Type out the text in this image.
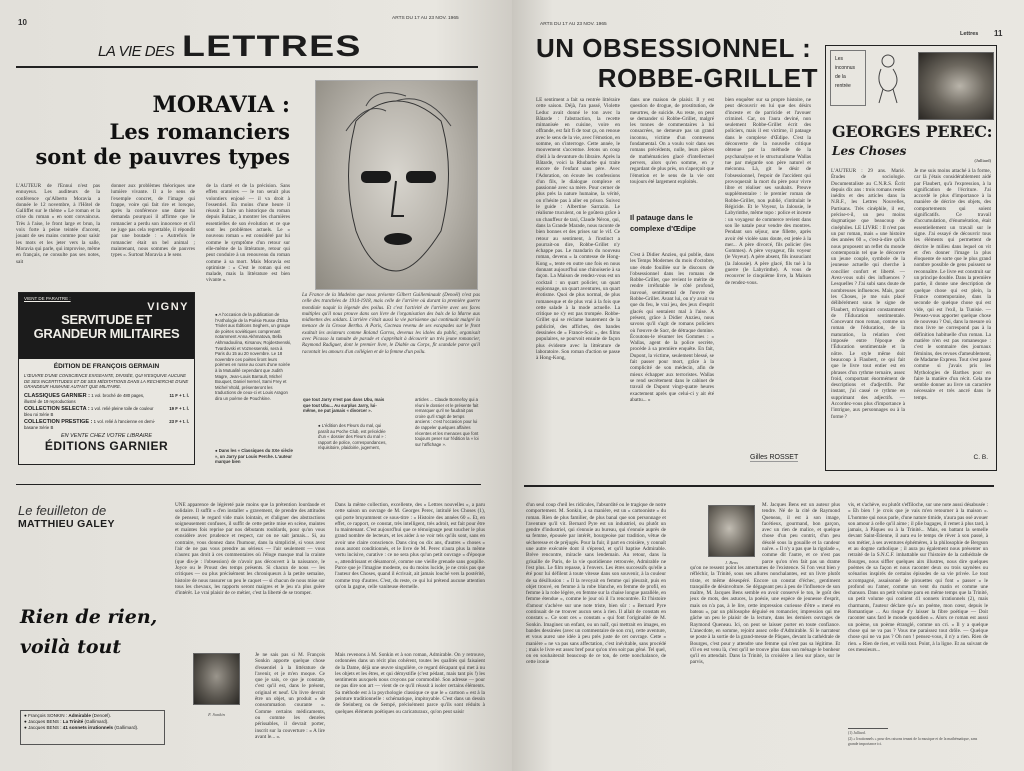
10	ARTS DU 17 AU 23 NOV. 1965
LA VIE DES LETTRES
MORAVIA :
Les romanciers
sont de pauvres types
L'AUTEUR de l'Ennui n'est pas ennuyeux. Les auditeurs de la conférence qu'Alberto Moravia a donnée le 12 novembre, à l'Hôtel de Galliffet sur le thème « Le roman et la crise du roman » en sont convaincus. Très à l'aise, le front large et brun, la voix forte à peine teintée d'accent, jouant de ses mains comme pour saisir les mots et les jeter vers la salle, Moravia qui parle, qui improvise, même en français, ne consulte pas ses notes, sait
donner aux problèmes théoriques une lumière vivante. Il a le sens de l'exemple concret, de l'image qui frappe, voire qui fait rire et lorsque, après la conférence une dame lui demanda pourquoi il affirme que le romancier a perdu son innocence et s'il ne juge pas cela regrettable, il répondit par une boutade : « Autrefois le romancier était un bel animal ; maintenant, nous sommes de pauvres types ». Surtout Moravia a le sens
de la clarté et de la précision. Sans effets oratoires — le ton serait plus volontiers enjoué — il va droit à l'essentiel. En moins d'une heure il réussit à faire un historique du roman depuis Balzac, à montrer les charnières essentielles de son évolution et ce que sont les problèmes actuels. Le « nouveau roman » est considéré par lui comme le symptôme d'un retour sur elle-même de la littérature, retour qui peut conduire à un renouveau du roman comme à sa mort. Mais Moravia est optimiste : « C'est le roman qui est malade, mais la littérature est bien vivante ».
La France de la Madelon que nous présente Gilbert Guilleminault (Denoël) n'est pas celle des tranchées de 1914-1918, mais celle de l'arrière où durant la première guerre mondiale naquit la légende des poilus. Et c'est l'activité de l'arrière avec ses faces multiples qu'il nous prouve dans son livre de l'organisation des bals de la Marne aux midinettes des soldats. L'arrière c'était aussi la vie parisienne qui continuait malgré la menace de la Grosse Bertha. A Paris, Cocteau revenu de ses escapades sur le front exaltait les aviateurs comme Roland Garros, devenus les idoles du public, organisait avec Picasso la tumulte de parade et s'apprêtait à découvrir un très jeune romancier, Raymond Radiguet, dont le premier livre, le Diable au Corps, fit scandale parce qu'il racontait les amours d'un collégien et de la femme d'un poilu.
VIENT DE PARAITRE :
VIGNY
SERVITUDE ET GRANDEUR MILITAIRES
ÉDITION DE FRANÇOIS GERMAIN
L'ŒUVRE D'UNE CONSCIENCE EXIGEANTE, DIVISÉE, QUI N'ESQUIVE AUCUNE DE SES INCERTITUDES ET DE SES MÉDITATIONS DANS LA RECHERCHE D'UNE GRANDEUR HUMAINE AUTANT QUE MILITAIRE.
CLASSIQUES GARNIER : 1 vol. broché de 480 pages, illustré de 19 reproductions
11 F + t. l.
COLLECTION SELECTA : 1 vol. relié pleine toile de couleur bleu roi Série B
19 F + t. l.
COLLECTION PRESTIGE : 1 vol. relié à l'ancienne en demi-basane Série B
23 F + t. l.
EN VENTE CHEZ VOTRE LIBRAIRE
ÉDITIONS GARNIER
● A l'occasion de la publication de l'Anthologie de la Poésie Russe d'Elsa Triolet aux Éditions Seghers, un groupe de poètes soviétiques comprenant notamment Anna Akhmatova, Bella Akhmadoulina, Kirsanov, Rojdestvenski, Tvardovski et Voznessenski, sera à Paris du 15 au 20 novembre. Le 18 novembre ces poètes liront leurs poèmes en russe au cours d'une soirée à la Mutualité cependant que Judith Magre, Jean-Louis Barrault, Michel Bouquet, Daniel Ivernel, Sami Frey et Michel Vitold, présenteront les traductions de ceux-ci et Louis Aragon dira un poème de Pouchkine.
● Dans les « Classiques du XXe siècle », un Jarry par Louis Perche. L'auteur marque bien
que tout Jarry n'est pas dans Ubu, mais que tout Ubu... Au surplus Jarry, lui-même, ne put jamais « divorcer ».
● L'édition des Fleurs du mal, qui paraît au Poche Club, est précédée d'un « dossier des Fleurs du mal » : rapport de police, correspondances, réquisitoire, plaidoirie, jugement,
articles ... Claude Bonnefoy qui a réuni le dossier et le présente fait remarquer qu'il ne faudrait pas croire qu'il s'agit de temps anciens : c'est l'occasion pour lui de rappeler quelques affaires récentes et les menaces que font toujours peser sur l'édition la « loi sur l'affichage ».
Le feuilleton de
MATTHIEU GALEY
Rien de rien,
voilà tout
● François SONKIN : Admirable (Denoël).
● Jacques BENS : La Trinité (Gallimard).
● Jacques BENS : 41 sonnets irrationnels (Gallimard).
UNE apparence de légèreté paie moins que la prétention lourdaude et solidaire. Il suffit « d'en installer » gravement, de prendre des attitudes de penseur, le regard vide mais lointain, et d'aligner des abstractions soigneusement confuses, il suffit de cette petite mise en scène, maintes et maintes fois reprise par nos débutants roublards, pour qu'on vous considère avec prudence et respect, car on ne sait jamais... Si, au contraire, vous donnez dans l'humour, dans la simplicité, si vous avez l'air de ne pas vous prendre au sérieux — l'air seulement — vous n'aurez pas droit à ces commentaires où l'éloge masque mal la crainte (que dis-je : l'obsession) de n'avoir pas découvert à la naissance, le Joyce ou le Proust des temps présents. Si chacun de nous — les critiques — ou plus précisément les chroniqueurs à la petite semaine, histoire de nous rassurer un peu le caquet — si chacun de nous mise sur tous les chevaux, les rapports seront maigres et le jeu n'a plus guère d'intérêt. Le vrai plaisir de ce métier, c'est la liberté de se tromper.
F. Sonkin
Je ne sais pas si M. François Sonkin apporte quelque chose d'essentiel à la littérature de l'avenir, et je m'en moque. Ce que je sais, ce que je constate, c'est qu'il est, dans le présent, original et neuf. Un livre devrait être un objet, un produit « de consommation courante ». Comme certains médicaments, ou comme les denrées périssables, il devrait porter, inscrit sur la couverture : « A lire avant le... ».
Dans la même collection, excellente, des « Lettres nouvelles », a paru cette saison un ouvrage de M. Georges Perec, intitulé les Choses (1), qui porte bruyamment ce sous-titre : « Histoire des années 60 ». Et, en effet, ce rapport, ce constat, très intelligent, très adroit, est fait pour être lu maintenant. C'est aujourd'hui que ce témoignage peut toucher le plus grand nombre de lecteurs, et les aider à se voir tels qu'ils sont, sans en avoir une claire conscience. Dans cinq ou dix ans, d'autres « choses » nous auront conditionnés, et le livre de M. Perec n'aura plus la même vertu incisive, curative : ce ne sera plus qu'un petit ouvrage « d'époque », attendrissant et désamorcé, comme une vieille grenade sans goupille. Parce que je l'imagine modeste, ou du moins lucide, je ne crois pas que l'auteur des Choses, quand il écrivait, ait jamais louché vers la postérité, comme trop d'autres. C'est, du reste, ce qui lui prétend aucune attention qu'on la gagne, celle vaniteuse éternelle.
Mais revenons à M. Sonkin et à son roman, Admirable. On y retrouve, ordonnées dans un récit plus cohérent, toutes les qualités qui faisaient de la Dame, déjà une œuvre singulière, ce regard décapant qui met à nu les objets et les êtres, et qui démystifie (c'est pédant, mais tant pis !) les sentiments auxquels nous croyons par commodité. Son adresse — pour ne pas dire son art — vient de ce qu'il réussit à isoler certains éléments. Sa méthode est à la psychologie classique ce que le « cartoon » est à la peinture traditionnelle : schématique, impitoyable. C'est dans un dessin de Steinberg ou de Sempé, précisément parce qu'ils sont réduits à quelques éléments poétiques ou caricaturaux, qu'on peut saisir
ARTS DU 17 AU 23 NOV. 1965
Lettres 11
UN OBSESSIONNEL :
ROBBE-GRILLET
LE sentiment a fait sa rentrée littéraire cette saison. Déjà, l'an passé, Violette Leduc avait donné le ton avec la Bâtarde : l'abstraction, la recette mimanisée en cuisine, voire en offrande, est fait fi de tout ça, on renoue avec le sens de la vie, avec l'émotion, en somme, on s'interroge. Cette année, le mouvement s'accentue. Jetons un coup d'œil à la devanture du libraire. Après la Bâtarde, voici la Rhubarbe qui traite encore de l'enfant sans père. Avec l'Adoration, on écoute les confessions d'un fils, le dialogue complexe et passionné avec sa mère. Pour cerner de plus près la nature humaine, la vérité, on n'hésite pas à aller en prison. Suivez le guide : Albertine Sarrazin. Le réalisme truculent, on le goûtera grâce à un chauffeur de taxi, Claude Néron, qui, dans la Grande Marade, nous raconte de bien bonnes et des prises sur le vif. Ce retour au sentiment, à l'instinct a pourrait-on dire, Robbe-Grillet n'y échappe pas. Le mandarin du nouveau roman, devenu « la comtesse de Hong-Kong », tente en outre une fois en nous donnant aujourd'hui une chinoiserie à sa façon. La Maison de rendez-vous est un cocktail : un quart policier, un quart espionnage, un quart aventures, un quart érotisme. Quoi de plus normal, de plus romanesque et de plus vrai à la fois que cette salade à la mode actuelle. La critique ne s'y est pas trompée. Robbe-Grillet qui se réclame hautement de la publicité, des affiches, des bandes dessinées de « France-Soir », des films populaires, se pourvoit ensuite de façon plus évidente avec la littérature de laboratoire. Son roman d'action se passe à Hong-Kong,
dans une maison de plaisir. Il y est question de drogue, de prostitution, de meurtres, de suicide. Au reste, on peut se demander si Robbe-Grillet, malgré les tonnes de commentaires à lui consacrées, ne demeure pas un grand inconnu, victime d'un contresens fondamental. On a voulu voir dans ses romans précédents, nulle, leurs pièces de mathématicien glacé d'intellectuel pervers, alors qu'en somme, en y regardant de plus près, on s'aperçoit que l'émotion et le sens de la vie ont toujours été largement exploités.
Il patauge dans le complexe d'Œdipe
C'est à Didier Anzieu, qui publie, dans les Temps Modernes du mois d'octobre, une étude fouillée sur le discours de l'obsessionnel dans les romans de Robbe-Grillet, que revient le mérite de rendre irréfutable le côté profond, inavoué, sentimental de l'œuvre de Robbe-Grillet. Avant lui, on n'y avait vu que du feu, le vrai jeu, des jeux d'esprit glacés qui sentaient mal à l'aise. A présent, grâce à Didier Anzieu, nous savons qu'il s'agit de romans policiers où l'œuvre de Sacr, de détraque domine. Écoutons-le résumer les Gommes : « Wallas, agent de la police secrète, procède à sa première enquête. En fait, Dupont, la victime, seulement blessé, se fait passer pour mort, grâce à la complicité de son médecin, afin de mieux échapper aux terroristes. Wallas se rend secrètement dans le cabinet de travail de Dupont vingt-quatre heures exactement après que celui-ci y ait été abattu... »
bien enquêter sur sa propre histoire, ne peut découvrir en lui que des désirs d'inceste et de parricide et l'avouer criminel. Car, on l'aura deviné, non seulement Robbe-Grillet écrit des policiers, mais il est victime, il patauge dans le complexe d'Œdipe. C'est la découverte de la nouvelle critique obtenue par la méthode de la psychanalyse et le structuralisme Wallas tue par mégarde son père naturel et méconnu. Là, git le désir de l'obsessionnel, l'espoir de l'accident qui provoquerait la mort du père pour vivre libre et réaliser ses souhaits. Preuve supplémentaire : le premier roman de Robbe-Grillet, non publié, s'intitulait le Régicide. Et le Voyeur, la Jalousie, le Labyrinthe, même topo : police et inceste : un voyageur de commerce revient dans son île natale pour vendre des montres. Pendant son séjour, une fillette, après avoir été violée sans doute, est jetée à la mer... A père divorcé, fils policier (les Gommes). A père voyageur, fils voyeur (le Voyeur). A père absent, fils insouciant (la Jalousie). A père glacé, fils tué à la guerre (le Labyrinthe). A vous de recouvrer le cinquième livre, la Maison de rendez-vous.
Gilles ROSSET
Les inconnus de la rentrée
GEORGES PEREC:
Les Choses
(Julliard)
L'AUTEUR : 29 ans. Marié. Études de sociologie. Documentaliste au C.N.R.S. Écrit depuis dix ans : trois romans restés inédits et des articles dans la N.R.F., les Lettres Nouvelles, Partisans. Très cinéphile, il est, précise-t-il, un peu moins dogmatique que beaucoup de cinéphiles. LE LIVRE : Il n'est pas un pur roman, mais « une histoire des années 60 », c'est-à-dire qu'ils nous proposent un reflet du monde contemporain tel que le découvre un jeune couple, symbole de la jeunesse actuelle qui cherche à concilier confort et liberté. — Avez-vous subi des influences ? Lesquelles ? J'ai subi sans doute de nombreuses influences. Mais, pour les Choses, je me suis placé délibérément sous le signe de Flaubert, m'inspirant constamment de l'Éducation sentimentale. Concevant mon roman, comme un roman de l'éducation, de la maturation, la relation s'est imposée entre l'époque de l'Éducation sentimentale et la nôtre. Le style même doit beaucoup à Flaubert, ce qui fait que le livre tout entier est en phrases d'un rythme ternaire, assez froid, comportant énormément de descriptions et d'adjectifs. Par instant, j'ai cassé ce rythme en supprimant des adjectifs. — Accordez-vous plus d'importance à l'intrigue, aux personnages ou à la forme ?
Je me suis moins attaché à la forme, car là j'étais considérablement aidé par Flaubert, qu'à l'expression, à la signification de l'écriture. J'ai accordé le plus d'importance à la manière de décrire des objets, des comportements qui soient significatifs. Ce travail d'accumulation, d'énumération, était essentiellement un travail sur le signe. J'ai essayé de découvrir tous les éléments qui permettent de décrire le milieu dans lequel on vit et d'en donner l'image la plus éloquente de sorte que le plus grand nombre possible de gens puissent se reconnaître. Le livre est construit sur un principe double. Dans la première partie, il donne une description de quelque chose qui est plein, la France contemporaine, dans la seconde de quelque chose qui est vide, qui est l'exil, la Tunisie. — Pensez-vous apporter quelque chose de nouveau ? Oui, dans la mesure où mon livre ne correspond pas à la définition habituelle d'un roman. La matière n'en est pas romanesque : c'est le sommaire des journaux féminins, des revues d'ameublement, de Madame Express. Tout s'est passé comme si j'avais pris les Mythologies de Barthes pour en faire la matière d'un récit. Cela me semble donner au livre un caractère nécessaire et très ancré dans le temps.
C. B.
d'un seul coup d'œil les ridicules, l'absurdité ou le tragique de notre comportement. M. Sonkin, à sa manière, est un « cartooniste » du roman. Rien de plus familier, de plus banal que son personnage et l'aventure qu'il vit. Bernard Pyre est un industriel, ou plutôt un gendre d'industriel, qui s'ennuie au bureau, qui s'ennuie auprès de sa femme, épousée par intérêt, bourgeoise par tradition, vêtue de sécheresse et de préjugés. Pour la fuir, il part en croisière, y connaît une autre exécutée dont il s'éprend, et qu'il baptise Admirable. Brève rencontre, miracle sans lendemain. Au retour, dans la grisaille de Paris, de la vie quotidienne retrouvée, Admirable ne l'est plus. Le film repasse, à l'envers. Les êtres successifs qu'elle a été pour lui défilent à toute vitesse dans son souvenir, à la couleur de sa désillusion : « Il la revoyait en femme qui pleurait, puis en objet trouvé, en femme à la robe blanche, en femme de profil, en femme à la robe légère, en femme sur la chaise longue parallèle, en femme étendue », comme le jour où il l'a rencontrée. Et l'histoire d'amour s'achève sur une note triste, bien sûr : « Bernard Pyre continuait de ne trouver aucun sens à rien. Il allait de constats en constats ». Ce sont ces « constats » qui font l'originalité de M. Sonkin. Imaginez un enfant, ou un naïf, qui mettrait en images, en bandes dessinées (avec un commentaire de son cru), cette aventure, et vous aurez une idée à peu près juste de cet ouvrage. Cette « manière » ne va pas sans affectation, c'est inévitable, sans procédé ; mais le livre est assez bref pour qu'on n'en soit pas gêné. Tel quel, on en souhaiterait beaucoup de ce ton, de cette nonchalance, de cette ironie
J. Bens
M. Jacques Bens est un auteur plus tendre. Né de la cité de Raymond Queneau, il est à son image, facétieux, gourmand, bon garçon, avec un rien de malice, et quelque chose d'un peu contrit, d'un peu désolé sous la gouaille et la candeur naïve. « Il n'y a pas que la rigolade », comme dit l'autre, et ce n'est pas parce qu'on n'en fait pas un drame qu'on ne ressent point les amertumes de l'existence. Si l'on veut bien y réfléchir, la Trinité, sous ses allures nonchalantes, est un livre plutôt triste, et même désespéré. Encore un constat d'échec, gentiment tranquille de désinvolture. Se dégageant peu à peu de l'influence de son maître, M. Jacques Bens semble en avoir conservé le ton, le goût des jeux de mots, des astuces, la poésie, une espèce de jeunesse d'esprit, mais on n'a pas, à le lire, cette impression curieuse d'être « mené en bateau », par un philosophe déguisé en romancier, impression qui me gâche un peu le plaisir de la lecture, dans les derniers ouvrages de Raymond Queneau. Ici, on peut se laisser porter en toute confiance. L'anecdote, en somme, rejoint assez celle d'Admirable. Si le narrateur se poste à la sortie de la grand-messe de Pâques, devant la cathédrale de Bourges, c'est pour y attendre une femme qui n'est pas sa légitime. Et s'il en est venu là, c'est qu'il ne trouve plus dans son ménage le bonheur qu'il en attendait. Dans la Trinité, la croisière a lieu sur place, sur le parvis,
vis, et s'achève, ou plutôt s'effiloche, sur une note aussi désabusée : « Eh bien ! je crois que je vais m'en retourner à la maison ». L'homme qui nous parle, d'une nature timide, n'aura pas osé avouer son amour à celle qu'il aime ; il plie bagages, il remet à plus tard, à jamais, à Pâques ou à la Trinité... Mais, en battant la semelle devant Saint-Étienne, il aura eu le temps de rêver à son passé, à son métier, à ses aventures éphémères, à la philosophie de Bergson et au dogme catholique ; il aura pu également nous présenter un retraité de la S.N.C.F. imbattable sur l'histoire de la cathédrale de Bourges, nous siffler quelques airs illustres, nous dire quelques poèmes de sa façon et nous raconter deux ou trois saynètes ou scénarios inspirés de certains épisodes de sa vie privée. Le tout accompagné, assaisonné de pirouettes qui font « passer » le profond ou l'amer, comme un vent du matin et comme une chanson. Dans un petit volume paru en même temps que la Trinité, un petit volume qui contient 41 sonnets irrationnels (2), mais charmants, l'auteur déclare qu'« un poème, mon cœur, depuis le Romantique ... Au risque d'y laisser la fibre poétique — Doit raconter sans fard le monde quotidien ». Alors ce roman est aussi un poème, un poème étranglé, comme un cri. « Il y a quelque chose qui ne va pas ? Vous me paraissez tout drôle. — Quelque chose qui ne va pas ? Oh non ! pensez-vous, il n'y a rien. Rien de rien. » Rien de rien, et voilà tout. Point, à la ligne. Et au suivant de ces messieurs...
(1) Julliard.
(2) « Irrationnels » pour des raisons tenant de la musique et de la mathématique, sans grande importance ici.
